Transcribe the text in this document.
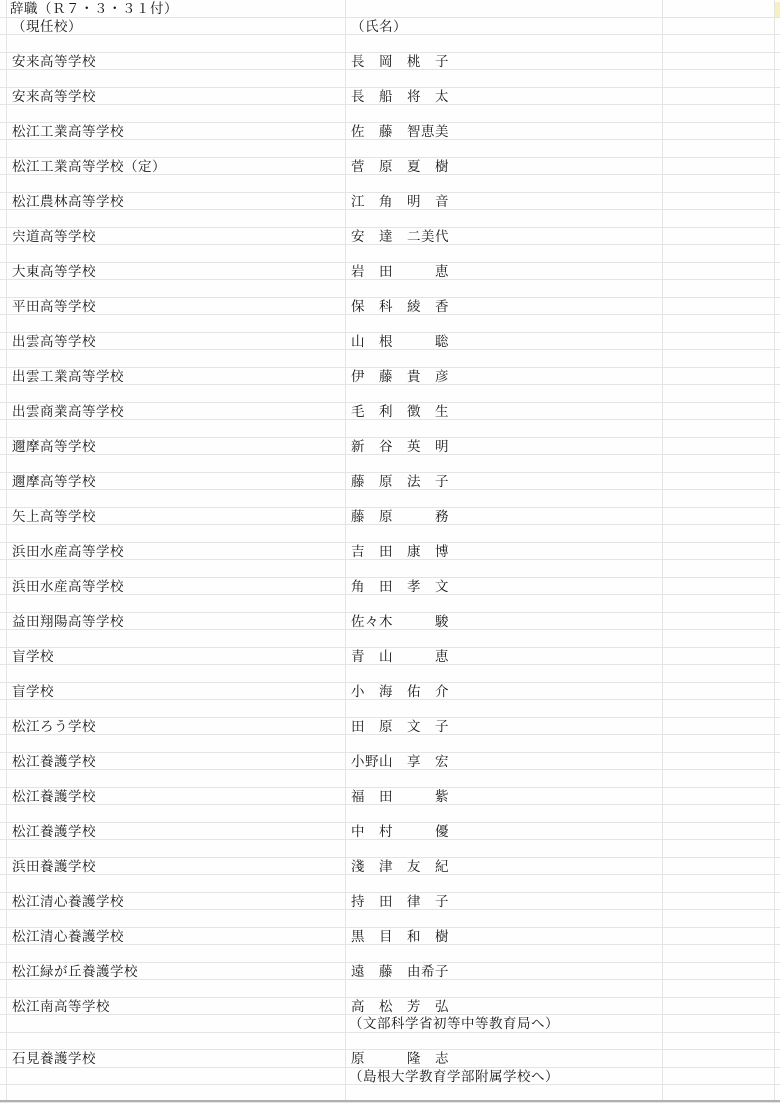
辞職（Ｒ７・３・３１付）
（現任校）	（氏名）
安来高等学校	長　岡　桃　子
安来高等学校	長　船　将　太
松江工業高等学校	佐　藤　智恵美
松江工業高等学校（定）	菅　原　夏　樹
松江農林高等学校	江　角　明　音
宍道高等学校	安　達　二美代
大東高等学校	岩　田　　　恵
平田高等学校	保　科　綾　香
出雲高等学校	山　根　　　聡
出雲工業高等学校	伊　藤　貴　彦
出雲商業高等学校	毛　利　徴　生
邇摩高等学校	新　谷　英　明
邇摩高等学校	藤　原　法　子
矢上高等学校	藤　原　　　務
浜田水産高等学校	吉　田　康　博
浜田水産高等学校	角　田　孝　文
益田翔陽高等学校	佐々木　　　駿
盲学校	青　山　　　恵
盲学校	小　海　佑　介
松江ろう学校	田　原　文　子
松江養護学校	小野山　享　宏
松江養護学校	福　田　　　紫
松江養護学校	中　村　　　優
浜田養護学校	淺　津　友　紀
松江清心養護学校	持　田　律　子
松江清心養護学校	黒　目　和　樹
松江緑が丘養護学校	遠　藤　由希子
松江南高等学校	高　松　芳　弘
（文部科学省初等中等教育局へ）
石見養護学校	原　　　隆　志
（島根大学教育学部附属学校へ）
